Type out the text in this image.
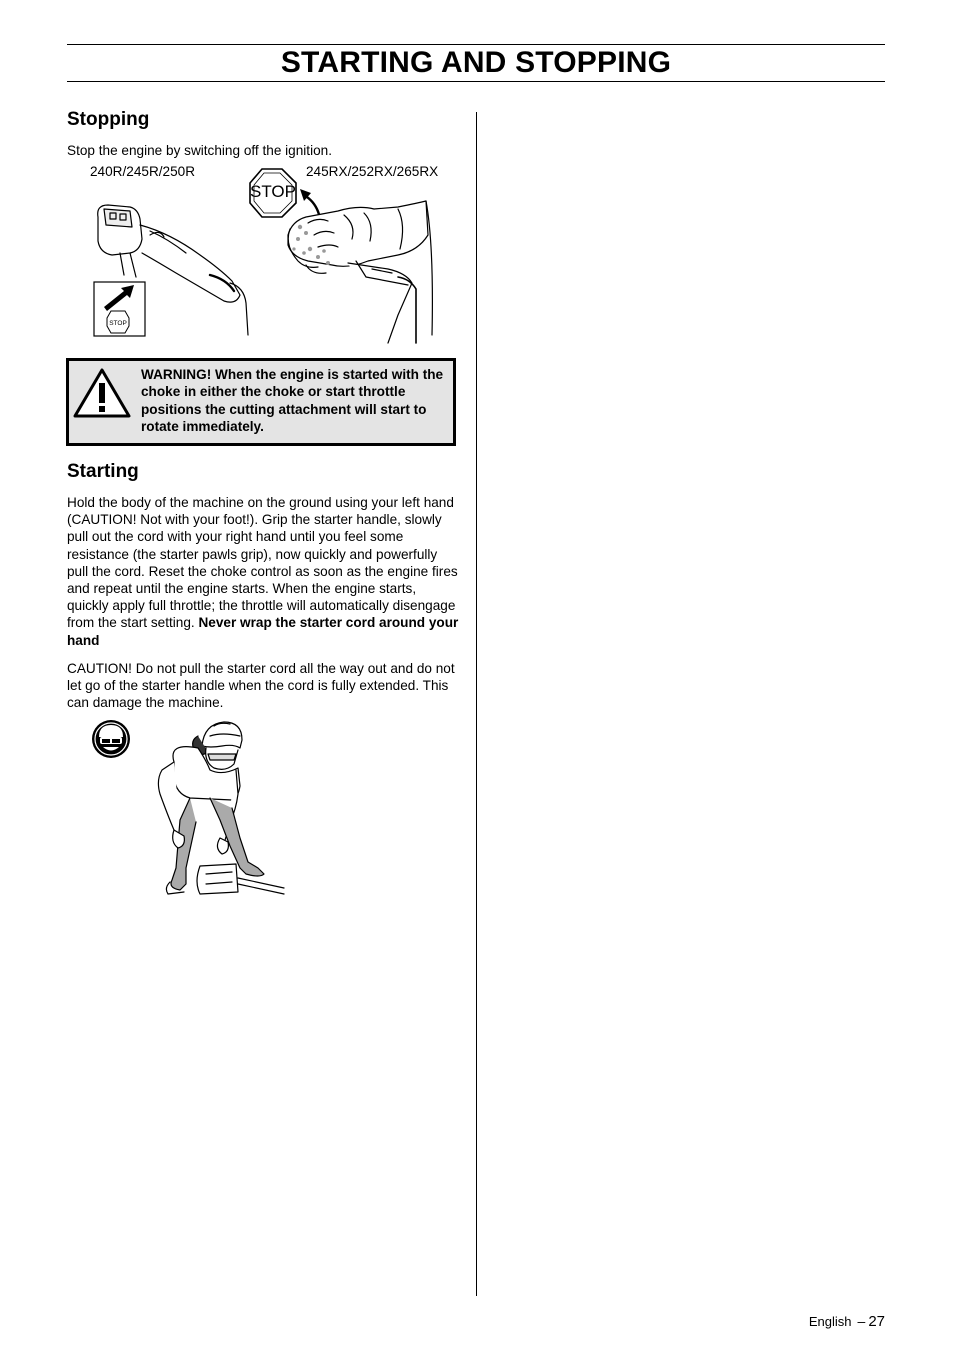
STARTING AND STOPPING
Stopping

Stop the engine by switching off the ignition.

240R/245R/250R	245RX/252RX/265RX
STOP
STOP
WARNING! When the engine is started with the choke in either the choke or start throttle positions the cutting attachment will start to rotate immediately.
Starting

Hold the body of the machine on the ground using your left hand (CAUTION! Not with your foot!). Grip the starter handle, slowly pull out the cord with your right hand until you feel some resistance (the starter pawls grip), now quickly and powerfully pull the cord. Reset the choke control as soon as the engine fires and repeat until the engine starts. When the engine starts, quickly apply full throttle; the throttle will automatically disengage from the start setting. Never wrap the starter cord around your hand

CAUTION! Do not pull the starter cord all the way out and do not let go of the starter handle when the cord is fully extended. This can damage the machine.

English – 27
